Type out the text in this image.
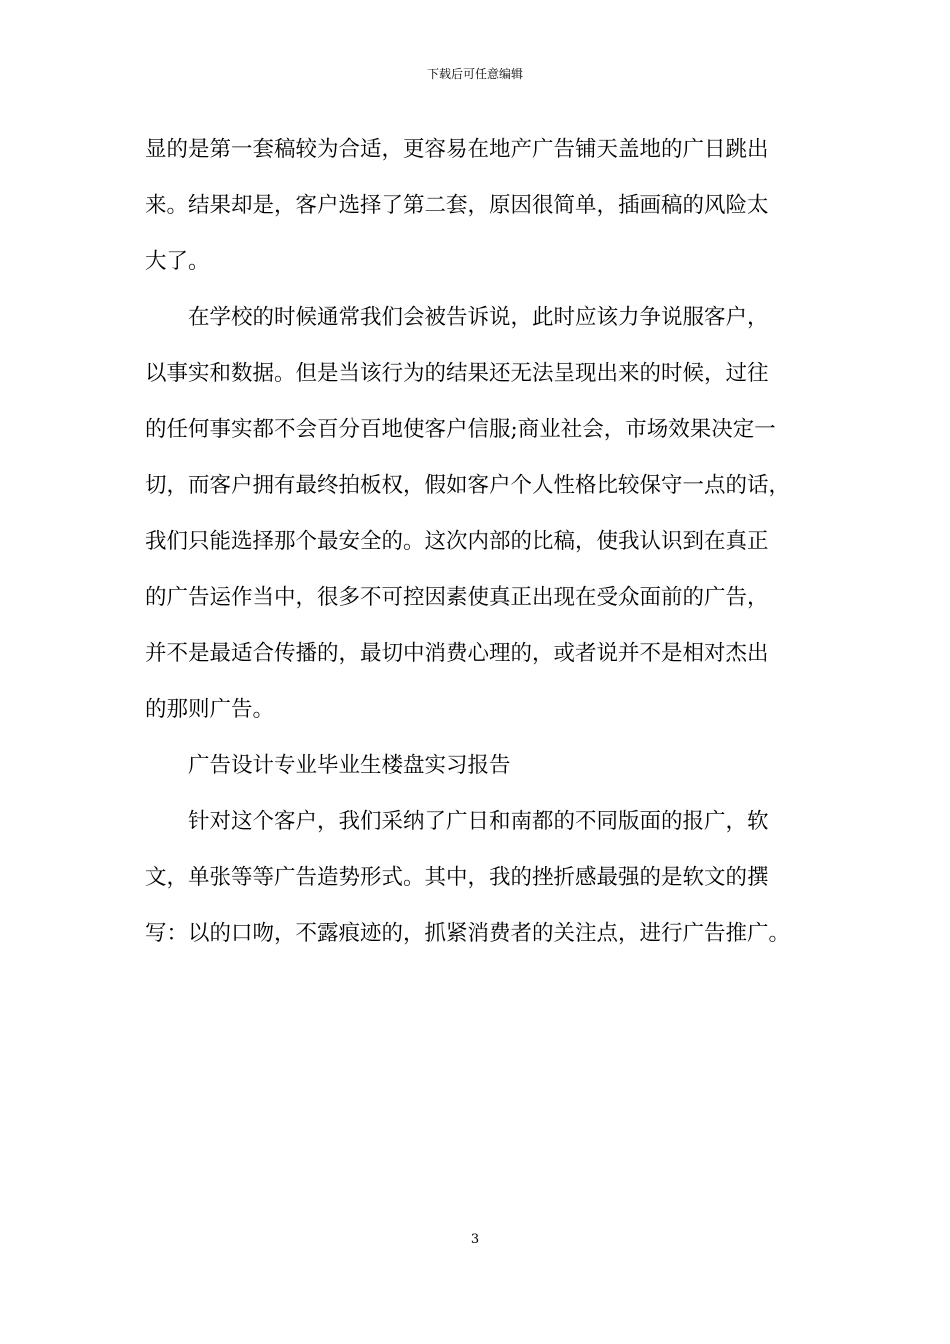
下载后可任意编辑
显的是第一套稿较为合适，更容易在地产广告铺天盖地的广日跳出
来。结果却是，客户选择了第二套，原因很简单，插画稿的风险太
大了。
在学校的时候通常我们会被告诉说，此时应该力争说服客户，
以事实和数据。但是当该行为的结果还无法呈现出来的时候，过往
的任何事实都不会百分百地使客户信服;商业社会，市场效果决定一
切，而客户拥有最终拍板权，假如客户个人性格比较保守一点的话，
我们只能选择那个最安全的。这次内部的比稿，使我认识到在真正
的广告运作当中，很多不可控因素使真正出现在受众面前的广告，
并不是最适合传播的，最切中消费心理的，或者说并不是相对杰出
的那则广告。
广告设计专业毕业生楼盘实习报告
针对这个客户，我们采纳了广日和南都的不同版面的报广，软
文，单张等等广告造势形式。其中，我的挫折感最强的是软文的撰
写：以的口吻，不露痕迹的，抓紧消费者的关注点，进行广告推广。
3
